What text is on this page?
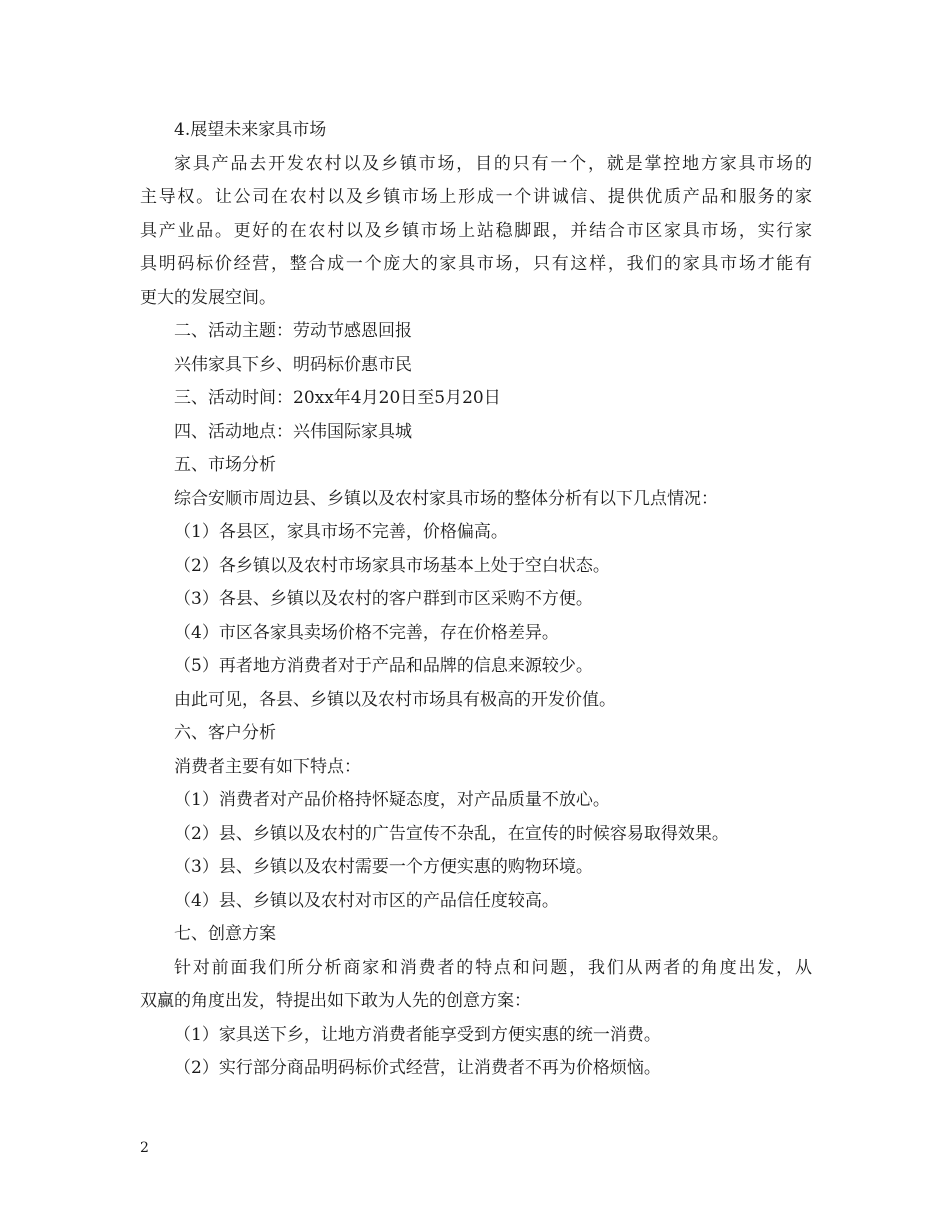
4.展望未来家具市场

家具产品去开发农村以及乡镇市场，目的只有一个，就是掌控地方家具市场的

主导权。让公司在农村以及乡镇市场上形成一个讲诚信、提供优质产品和服务的家

具产业品。更好的在农村以及乡镇市场上站稳脚跟，并结合市区家具市场，实行家

具明码标价经营，整合成一个庞大的家具市场，只有这样，我们的家具市场才能有

更大的发展空间。

二、活动主题：劳动节感恩回报

兴伟家具下乡、明码标价惠市民

三、活动时间：20xx年4月20日至5月20日

四、活动地点：兴伟国际家具城

五、市场分析

综合安顺市周边县、乡镇以及农村家具市场的整体分析有以下几点情况：

（1）各县区，家具市场不完善，价格偏高。

（2）各乡镇以及农村市场家具市场基本上处于空白状态。

（3）各县、乡镇以及农村的客户群到市区采购不方便。

（4）市区各家具卖场价格不完善，存在价格差异。

（5）再者地方消费者对于产品和品牌的信息来源较少。

由此可见，各县、乡镇以及农村市场具有极高的开发价值。

六、客户分析

消费者主要有如下特点：

（1）消费者对产品价格持怀疑态度，对产品质量不放心。

（2）县、乡镇以及农村的广告宣传不杂乱，在宣传的时候容易取得效果。

（3）县、乡镇以及农村需要一个方便实惠的购物环境。

（4）县、乡镇以及农村对市区的产品信任度较高。

七、创意方案

针对前面我们所分析商家和消费者的特点和问题，我们从两者的角度出发，从

双赢的角度出发，特提出如下敢为人先的创意方案：

（1）家具送下乡，让地方消费者能享受到方便实惠的统一消费。

（2）实行部分商品明码标价式经营，让消费者不再为价格烦恼。

2
